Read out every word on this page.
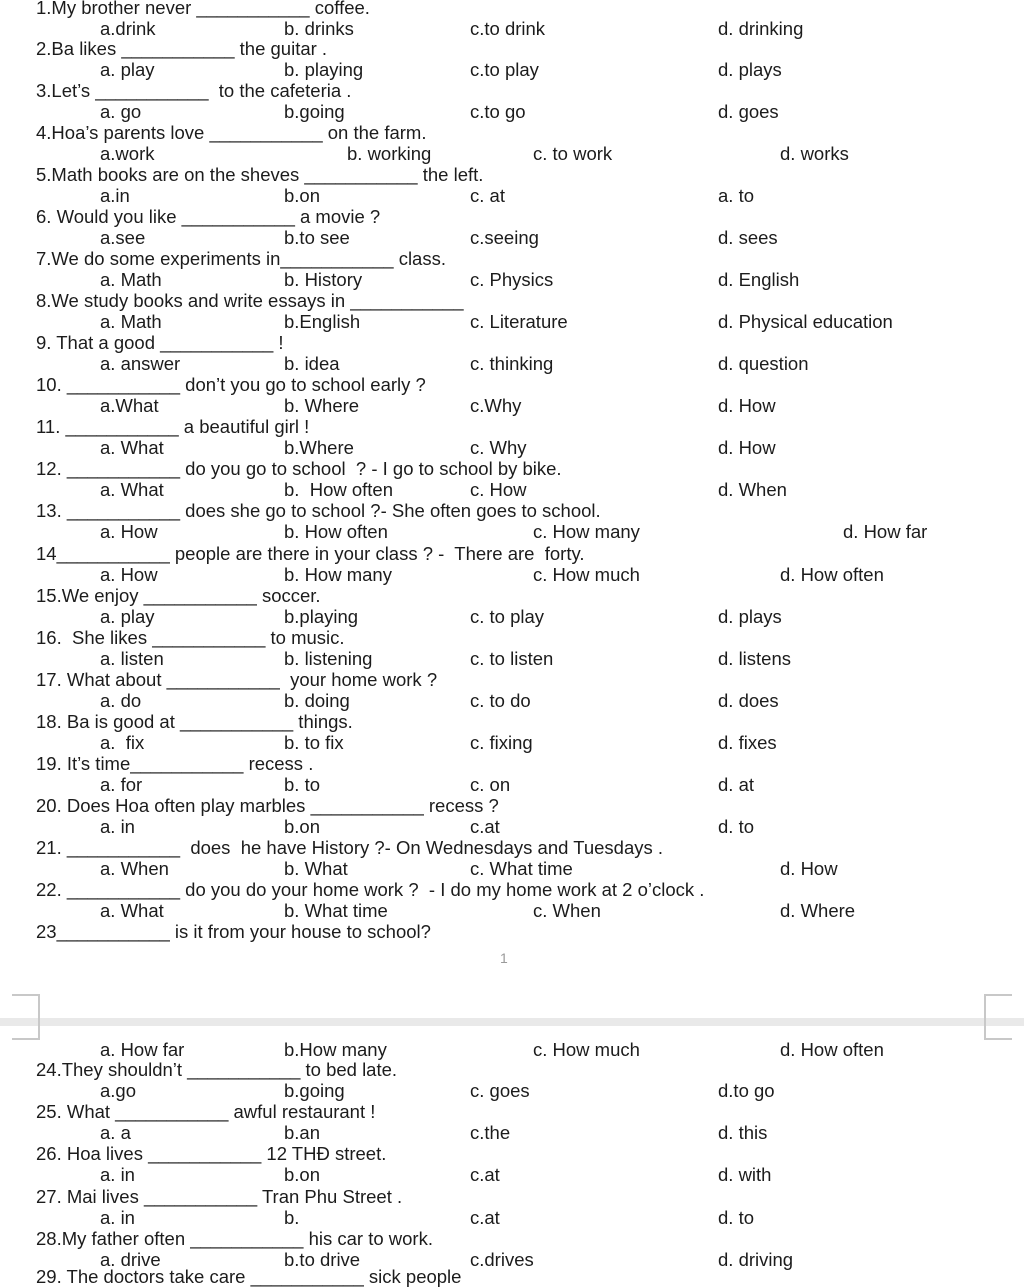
1.My brother never ___________ coffee.
a.drink	b. drinks	c.to drink	d. drinking
2.Ba likes ___________ the guitar .
a. play	b. playing	c.to play	d. plays
3.Let’s ___________  to the cafeteria .
a. go	b.going	c.to go	d. goes
4.Hoa’s parents love ___________ on the farm.
a.work	b. working	c. to work	d. works
5.Math books are on the sheves ___________ the left.
a.in	b.on	c. at	a. to
6. Would you like ___________ a movie ?
a.see	b.to see	c.seeing	d. sees
7.We do some experiments in___________ class.
a. Math	b. History	c. Physics	d. English
8.We study books and write essays in ___________
a. Math	b.English	c. Literature	d. Physical education
9. That a good ___________ !
a. answer	b. idea	c. thinking	d. question
10. ___________ don’t you go to school early ?
a.What	b. Where	c.Why	d. How
11. ___________ a beautiful girl !
a. What	b.Where	c. Why	d. How
12. ___________ do you go to school  ? - I go to school by bike.
a. What	b.  How often	c. How	d. When
13. ___________ does she go to school ?- She often goes to school.
a. How	b. How often	c. How many	d. How far
14___________ people are there in your class ? -  There are  forty.
a. How	b. How many	c. How much	d. How often
15.We enjoy ___________ soccer.
a. play	b.playing	c. to play	d. plays
16.  She likes ___________ to music.
a. listen	b. listening	c. to listen	d. listens
17. What about ___________  your home work ?
a. do	b. doing	c. to do	d. does
18. Ba is good at ___________ things.
a.  fix	b. to fix	c. fixing	d. fixes
19. It’s time___________ recess .
a. for	b. to	c. on	d. at
20. Does Hoa often play marbles ___________ recess ?
a. in	b.on	c.at	d. to
21. ___________  does  he have History ?- On Wednesdays and Tuesdays .
a. When	b. What	c. What time	d. How
22. ___________ do you do your home work ?  - I do my home work at 2 o’clock .
a. What	b. What time	c. When	d. Where
23___________ is it from your house to school?
a. How far	b.How many	c. How much	d. How often
24.They shouldn’t ___________ to bed late.
a.go	b.going	c. goes	d.to go
25. What ___________ awful restaurant !
a. a	b.an	c.the	d. this
26. Hoa lives ___________ 12 THĐ street.
a. in	b.on	c.at	d. with
27. Mai lives ___________ Tran Phu Street .
a. in	b.	c.at	d. to
28.My father often ___________ his car to work.
a. drive	b.to drive	c.drives	d. driving
1
29. The doctors take care ___________ sick people
